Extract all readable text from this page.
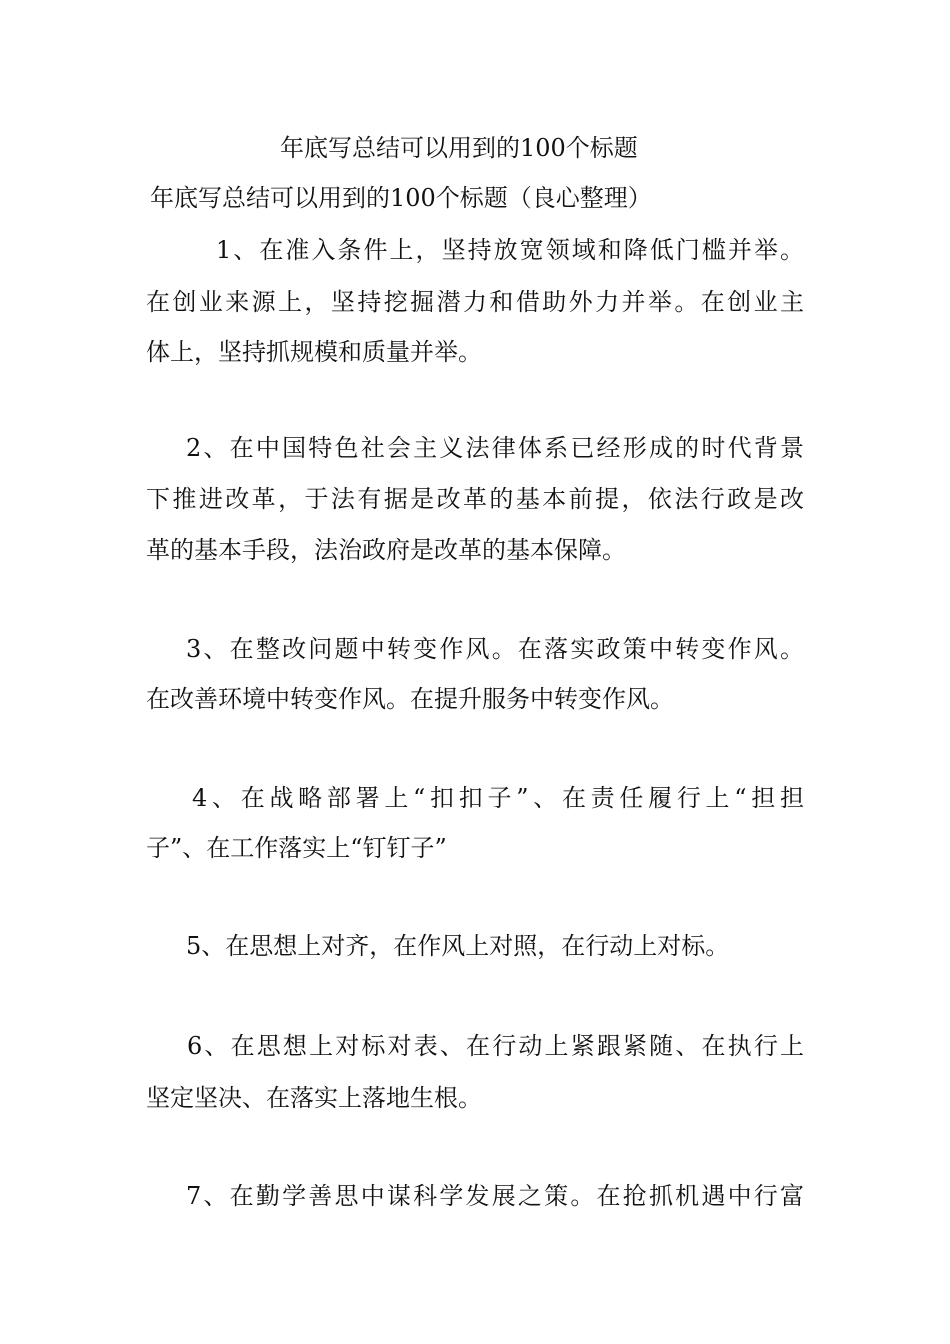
年底写总结可以用到的100个标题

年底写总结可以用到的100个标题（良心整理）

1、在准入条件上，坚持放宽领域和降低门槛并举。

在创业来源上，坚持挖掘潜力和借助外力并举。在创业主

体上，坚持抓规模和质量并举。

2、在中国特色社会主义法律体系已经形成的时代背景

下推进改革，于法有据是改革的基本前提，依法行政是改

革的基本手段，法治政府是改革的基本保障。

3、在整改问题中转变作风。在落实政策中转变作风。

在改善环境中转变作风。在提升服务中转变作风。

4、在战略部署上“扣扣子”、在责任履行上“担担

子”、在工作落实上“钉钉子”

5、在思想上对齐，在作风上对照，在行动上对标。

6、在思想上对标对表、在行动上紧跟紧随、在执行上

坚定坚决、在落实上落地生根。

7、在勤学善思中谋科学发展之策。在抢抓机遇中行富
